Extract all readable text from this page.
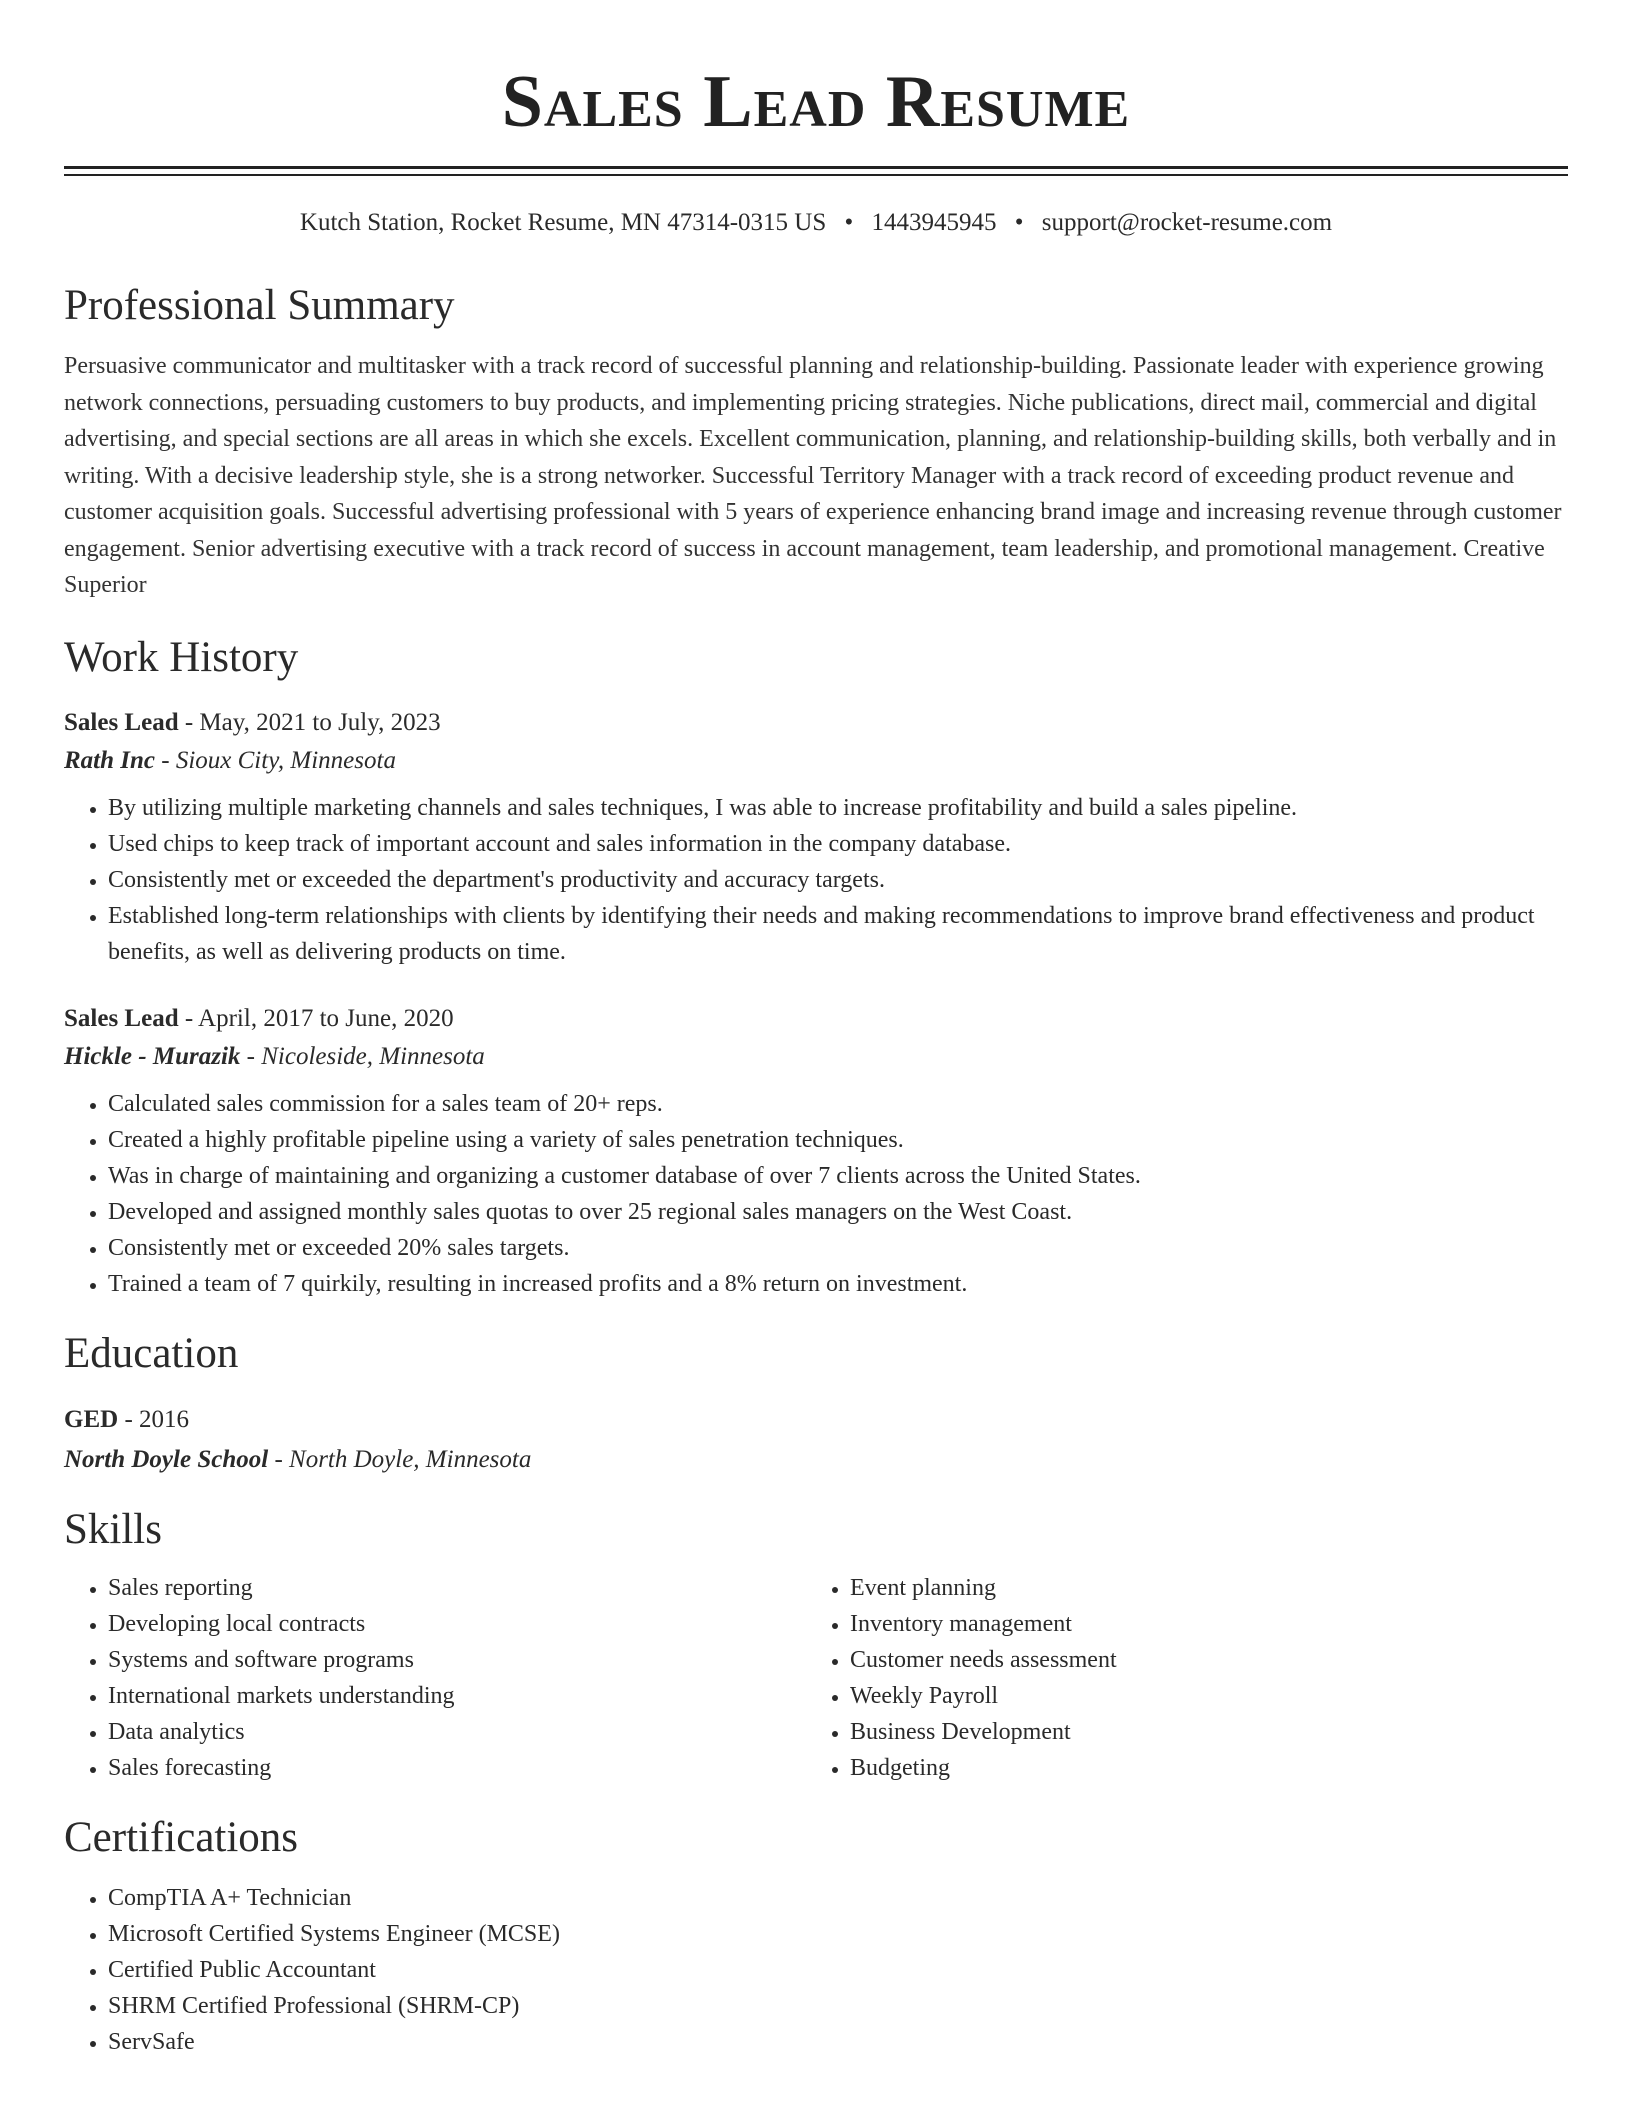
Sales Lead Resume
Kutch Station, Rocket Resume, MN 47314-0315 US • 1443945945 • support@rocket-resume.com
Professional Summary
Persuasive communicator and multitasker with a track record of successful planning and relationship-building. Passionate leader with experience growing network connections, persuading customers to buy products, and implementing pricing strategies. Niche publications, direct mail, commercial and digital advertising, and special sections are all areas in which she excels. Excellent communication, planning, and relationship-building skills, both verbally and in writing. With a decisive leadership style, she is a strong networker. Successful Territory Manager with a track record of exceeding product revenue and customer acquisition goals. Successful advertising professional with 5 years of experience enhancing brand image and increasing revenue through customer engagement. Senior advertising executive with a track record of success in account management, team leadership, and promotional management. Creative Superior
Work History
Sales Lead - May, 2021 to July, 2023
Rath Inc - Sioux City, Minnesota
• By utilizing multiple marketing channels and sales techniques, I was able to increase profitability and build a sales pipeline.
• Used chips to keep track of important account and sales information in the company database.
• Consistently met or exceeded the department's productivity and accuracy targets.
• Established long-term relationships with clients by identifying their needs and making recommendations to improve brand effectiveness and product benefits, as well as delivering products on time.
Sales Lead - April, 2017 to June, 2020
Hickle - Murazik - Nicoleside, Minnesota
• Calculated sales commission for a sales team of 20+ reps.
• Created a highly profitable pipeline using a variety of sales penetration techniques.
• Was in charge of maintaining and organizing a customer database of over 7 clients across the United States.
• Developed and assigned monthly sales quotas to over 25 regional sales managers on the West Coast.
• Consistently met or exceeded 20% sales targets.
• Trained a team of 7 quirkily, resulting in increased profits and a 8% return on investment.
Education
GED - 2016
North Doyle School - North Doyle, Minnesota
Skills
• Sales reporting
• Developing local contracts
• Systems and software programs
• International markets understanding
• Data analytics
• Sales forecasting
• Event planning
• Inventory management
• Customer needs assessment
• Weekly Payroll
• Business Development
• Budgeting
Certifications
• CompTIA A+ Technician
• Microsoft Certified Systems Engineer (MCSE)
• Certified Public Accountant
• SHRM Certified Professional (SHRM-CP)
• ServSafe
